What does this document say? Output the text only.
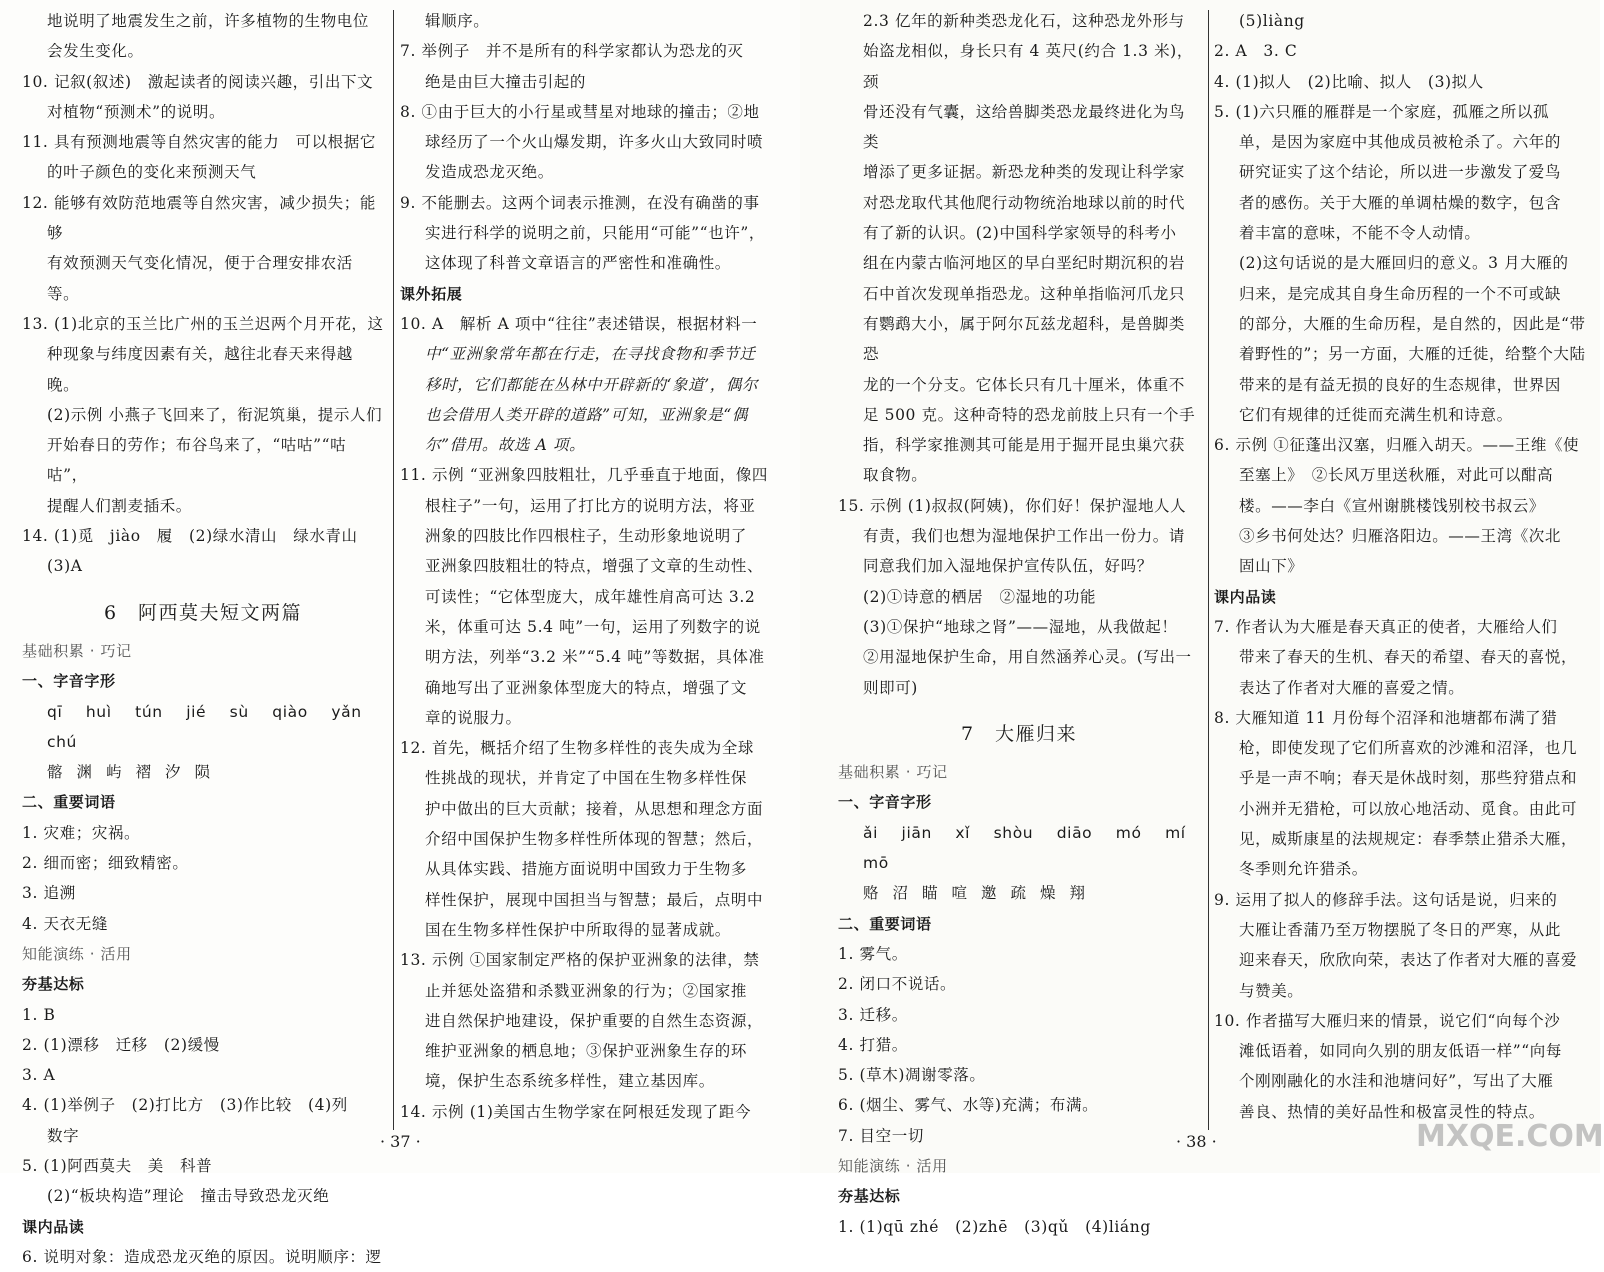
地说明了地震发生之前，许多植物的生物电位
会发生变化。
10. 记叙(叙述)　激起读者的阅读兴趣，引出下文
对植物“预测术”的说明。
11. 具有预测地震等自然灾害的能力　可以根据它
的叶子颜色的变化来预测天气
12. 能够有效防范地震等自然灾害，减少损失；能够
有效预测天气变化情况，便于合理安排农活等。
13. (1)北京的玉兰比广州的玉兰迟两个月开花，这
种现象与纬度因素有关，越往北春天来得越晚。
(2)示例 小燕子飞回来了，衔泥筑巢，提示人们
开始春日的劳作；布谷鸟来了，“咕咕”“咕咕”，
提醒人们割麦插禾。
14. (1)觅　jiào　履　(2)绿水清山　绿水青山
(3)A
6　阿西莫夫短文两篇
基础积累 · 巧记
一、字音字形
qī huì tún jié sù qiào yǎn chú
髂渊屿褶汐陨
二、重要词语
1. 灾难；灾祸。
2. 细而密；细致精密。
3. 追溯
4. 天衣无缝
知能演练 · 活用
夯基达标
1. B
2. (1)漂移　迁移　(2)缓慢
3. A
4. (1)举例子　(2)打比方　(3)作比较　(4)列
数字
5. (1)阿西莫夫　美　科普
(2)“板块构造”理论　撞击导致恐龙灭绝
课内品读
6. 说明对象：造成恐龙灭绝的原因。说明顺序：逻
辑顺序。
7. 举例子　并不是所有的科学家都认为恐龙的灭
绝是由巨大撞击引起的
8. ①由于巨大的小行星或彗星对地球的撞击；②地
球经历了一个火山爆发期，许多火山大致同时喷
发造成恐龙灭绝。
9. 不能删去。这两个词表示推测，在没有确凿的事
实进行科学的说明之前，只能用“可能”“也许”，
这体现了科普文章语言的严密性和准确性。
课外拓展
10. A　解析 A 项中“往往”表述错误，根据材料一
中“亚洲象常年都在行走，在寻找食物和季节迁
移时，它们都能在丛林中开辟新的‘象道’，偶尔
也会借用人类开辟的道路”可知，亚洲象是“偶
尔”借用。故选 A 项。
11. 示例 “亚洲象四肢粗壮，几乎垂直于地面，像四
根柱子”一句，运用了打比方的说明方法，将亚
洲象的四肢比作四根柱子，生动形象地说明了
亚洲象四肢粗壮的特点，增强了文章的生动性、
可读性；“它体型庞大，成年雄性肩高可达 3.2
米，体重可达 5.4 吨”一句，运用了列数字的说
明方法，列举“3.2 米”“5.4 吨”等数据，具体准
确地写出了亚洲象体型庞大的特点，增强了文
章的说服力。
12. 首先，概括介绍了生物多样性的丧失成为全球
性挑战的现状，并肯定了中国在生物多样性保
护中做出的巨大贡献；接着，从思想和理念方面
介绍中国保护生物多样性所体现的智慧；然后，
从具体实践、措施方面说明中国致力于生物多
样性保护，展现中国担当与智慧；最后，点明中
国在生物多样性保护中所取得的显著成就。
13. 示例 ①国家制定严格的保护亚洲象的法律，禁
止并惩处盗猎和杀戮亚洲象的行为；②国家推
进自然保护地建设，保护重要的自然生态资源，
维护亚洲象的栖息地；③保护亚洲象生存的环
境，保护生态系统多样性，建立基因库。
14. 示例 (1)美国古生物学家在阿根廷发现了距今
· 37 ·
2.3 亿年的新种类恐龙化石，这种恐龙外形与
始盗龙相似，身长只有 4 英尺(约合 1.3 米)，颈
骨还没有气囊，这给兽脚类恐龙最终进化为鸟类
增添了更多证据。新恐龙种类的发现让科学家
对恐龙取代其他爬行动物统治地球以前的时代
有了新的认识。(2)中国科学家领导的科考小
组在内蒙古临河地区的早白垩纪时期沉积的岩
石中首次发现单指恐龙。这种单指临河爪龙只
有鹦鹉大小，属于阿尔瓦兹龙超科，是兽脚类恐
龙的一个分支。它体长只有几十厘米，体重不
足 500 克。这种奇特的恐龙前肢上只有一个手
指，科学家推测其可能是用于掘开昆虫巢穴获
取食物。
15. 示例 (1)叔叔(阿姨)，你们好！保护湿地人人
有责，我们也想为湿地保护工作出一份力。请
同意我们加入湿地保护宣传队伍，好吗？
(2)①诗意的栖居　②湿地的功能
(3)①保护“地球之肾”——湿地，从我做起！
②用湿地保护生命，用自然涵养心灵。(写出一
则即可)
7　大雁归来
基础积累 · 巧记
一、字音字形
ǎi jiān xǐ shòu diāo mó mí mō
赂沼瞄喧邀疏燥翔
二、重要词语
1. 雾气。
2. 闭口不说话。
3. 迁移。
4. 打猎。
5. (草木)凋谢零落。
6. (烟尘、雾气、水等)充满；布满。
7. 目空一切
知能演练 · 活用
夯基达标
1. (1)qū zhé　(2)zhē　(3)qǔ　(4)liáng
(5)liàng
2. A　3. C
4. (1)拟人　(2)比喻、拟人　(3)拟人
5. (1)六只雁的雁群是一个家庭，孤雁之所以孤
单，是因为家庭中其他成员被枪杀了。六年的
研究证实了这个结论，所以进一步激发了爱鸟
者的感伤。关于大雁的单调枯燥的数字，包含
着丰富的意味，不能不令人动情。
(2)这句话说的是大雁回归的意义。3 月大雁的
归来，是完成其自身生命历程的一个不可或缺
的部分，大雁的生命历程，是自然的，因此是“带
着野性的”；另一方面，大雁的迁徙，给整个大陆
带来的是有益无损的良好的生态规律，世界因
它们有规律的迁徙而充满生机和诗意。
6. 示例 ①征蓬出汉塞，归雁入胡天。——王维《使
至塞上》　②长风万里送秋雁，对此可以酣高
楼。——李白《宣州谢朓楼饯别校书叔云》
③乡书何处达？归雁洛阳边。——王湾《次北
固山下》
课内品读
7. 作者认为大雁是春天真正的使者，大雁给人们
带来了春天的生机、春天的希望、春天的喜悦，
表达了作者对大雁的喜爱之情。
8. 大雁知道 11 月份每个沼泽和池塘都布满了猎
枪，即使发现了它们所喜欢的沙滩和沼泽，也几
乎是一声不响；春天是休战时刻，那些狩猎点和
小洲并无猎枪，可以放心地活动、觅食。由此可
见，威斯康星的法规规定：春季禁止猎杀大雁，
冬季则允许猎杀。
9. 运用了拟人的修辞手法。这句话是说，归来的
大雁让香蒲乃至万物摆脱了冬日的严寒，从此
迎来春天，欣欣向荣，表达了作者对大雁的喜爱
与赞美。
10. 作者描写大雁归来的情景，说它们“向每个沙
滩低语着，如同向久别的朋友低语一样”“向每
个刚刚融化的水洼和池塘问好”，写出了大雁
善良、热情的美好品性和极富灵性的特点。
· 38 ·	MXQE.COM
